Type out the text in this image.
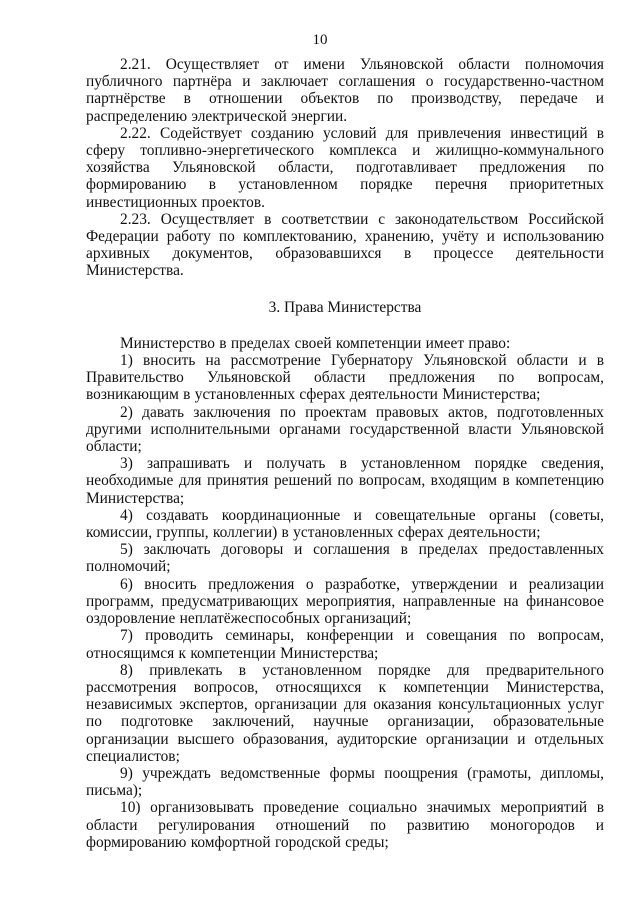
10

2.21. Осуществляет от имени Ульяновской области полномочия публичного партнёра и заключает соглашения о государственно-частном партнёрстве в отношении объектов по производству, передаче и распределению электрической энергии.

2.22. Содействует созданию условий для привлечения инвестиций в сферу топливно-энергетического комплекса и жилищно-коммунального хозяйства Ульяновской области, подготавливает предложения по формированию в установленном порядке перечня приоритетных инвестиционных проектов.

2.23. Осуществляет в соответствии с законодательством Российской Федерации работу по комплектованию, хранению, учёту и использованию архивных документов, образовавшихся в процессе деятельности Министерства.

3. Права Министерства

Министерство в пределах своей компетенции имеет право:

1) вносить на рассмотрение Губернатору Ульяновской области и в Правительство Ульяновской области предложения по вопросам, возникающим в установленных сферах деятельности Министерства;

2) давать заключения по проектам правовых актов, подготовленных другими исполнительными органами государственной власти Ульяновской области;

3) запрашивать и получать в установленном порядке сведения, необходимые для принятия решений по вопросам, входящим в компетенцию Министерства;

4) создавать координационные и совещательные органы (советы, комиссии, группы, коллегии) в установленных сферах деятельности;

5) заключать договоры и соглашения в пределах предоставленных полномочий;

6) вносить предложения о разработке, утверждении и реализации программ, предусматривающих мероприятия, направленные на финансовое оздоровление неплатёжеспособных организаций;

7) проводить семинары, конференции и совещания по вопросам, относящимся к компетенции Министерства;

8) привлекать в установленном порядке для предварительного рассмотрения вопросов, относящихся к компетенции Министерства, независимых экспертов, организации для оказания консультационных услуг по подготовке заключений, научные организации, образовательные организации высшего образования, аудиторские организации и отдельных специалистов;

9) учреждать ведомственные формы поощрения (грамоты, дипломы, письма);

10) организовывать проведение социально значимых мероприятий в области регулирования отношений по развитию моногородов и формированию комфортной городской среды;
